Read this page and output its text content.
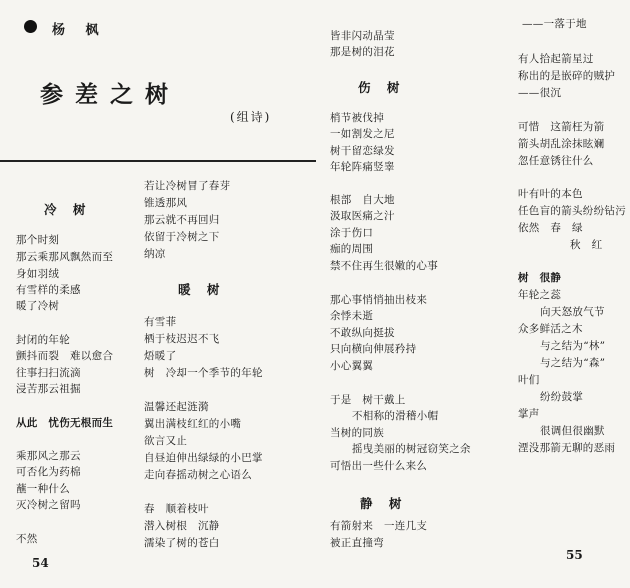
杨 枫
参差之树
(组诗)
冷 树
那个时刻
那云乘那风飘然而至
身如羽绒
有雪样的柔感
暖了冷树
封闭的年轮
颤抖而裂　难以愈合
往事扫扫流滴
浸苦那云祖掘
从此　忧伤无根而生
乘那风之那云
可否化为药棉
蘸一种什么
灭冷树之留吗
不然
54
若让冷树冒了春芽
锥透那风
那云就不再回归
依留于冷树之下
纳凉
暖 树
有雪菲
栖于枝迟迟不飞
焐暖了
树　冷却一个季节的年轮
温馨还起涟漪
翼出满枝红红的小嘴
欲言又止
自昼迫伸出绿绿的小巴掌
走向春摇动树之心语么
春　顺着枝叶
潜入树根　沉静
濡染了树的苍白
皆非闪动晶莹
那是树的泪花
伤 树
梢节被伐掉
一如割发之尼
树干留恋绿发
年轮阵痛竖睾
根部　自大地
汲取医痛之汁
涂于伤口
痂的周围
禁不住再生很嫩的心事
那心事悄悄抽出枝来
余悸未逝
不敢纵向挺拔
只向横向伸展矜持
小心翼翼
于是　树干戴上
不相称的滑稽小帽
当树的同族
摇曳美丽的树冠窃笑之余
可悟出一些什么来么
静 树
有箭射来　一连几支
被正直撞弯
——一落于地
有人拾起箭星过
称出的是嵌碎的贼护
——很沉
可惜　这箭枉为箭
箭头胡乱涂抹眩斓
忽任意锈往什么
叶有叶的本色
任色盲的箭头纷纷钻污
依然　春　绿
秋　红
树　很静
年轮之蕊
向天怒放气节
众多鲜活之木
与之结为“林”
与之结为“森”
叶们
纷纷鼓掌
掌声
很调但很幽默
湮没那箭无聊的恶雨
55
